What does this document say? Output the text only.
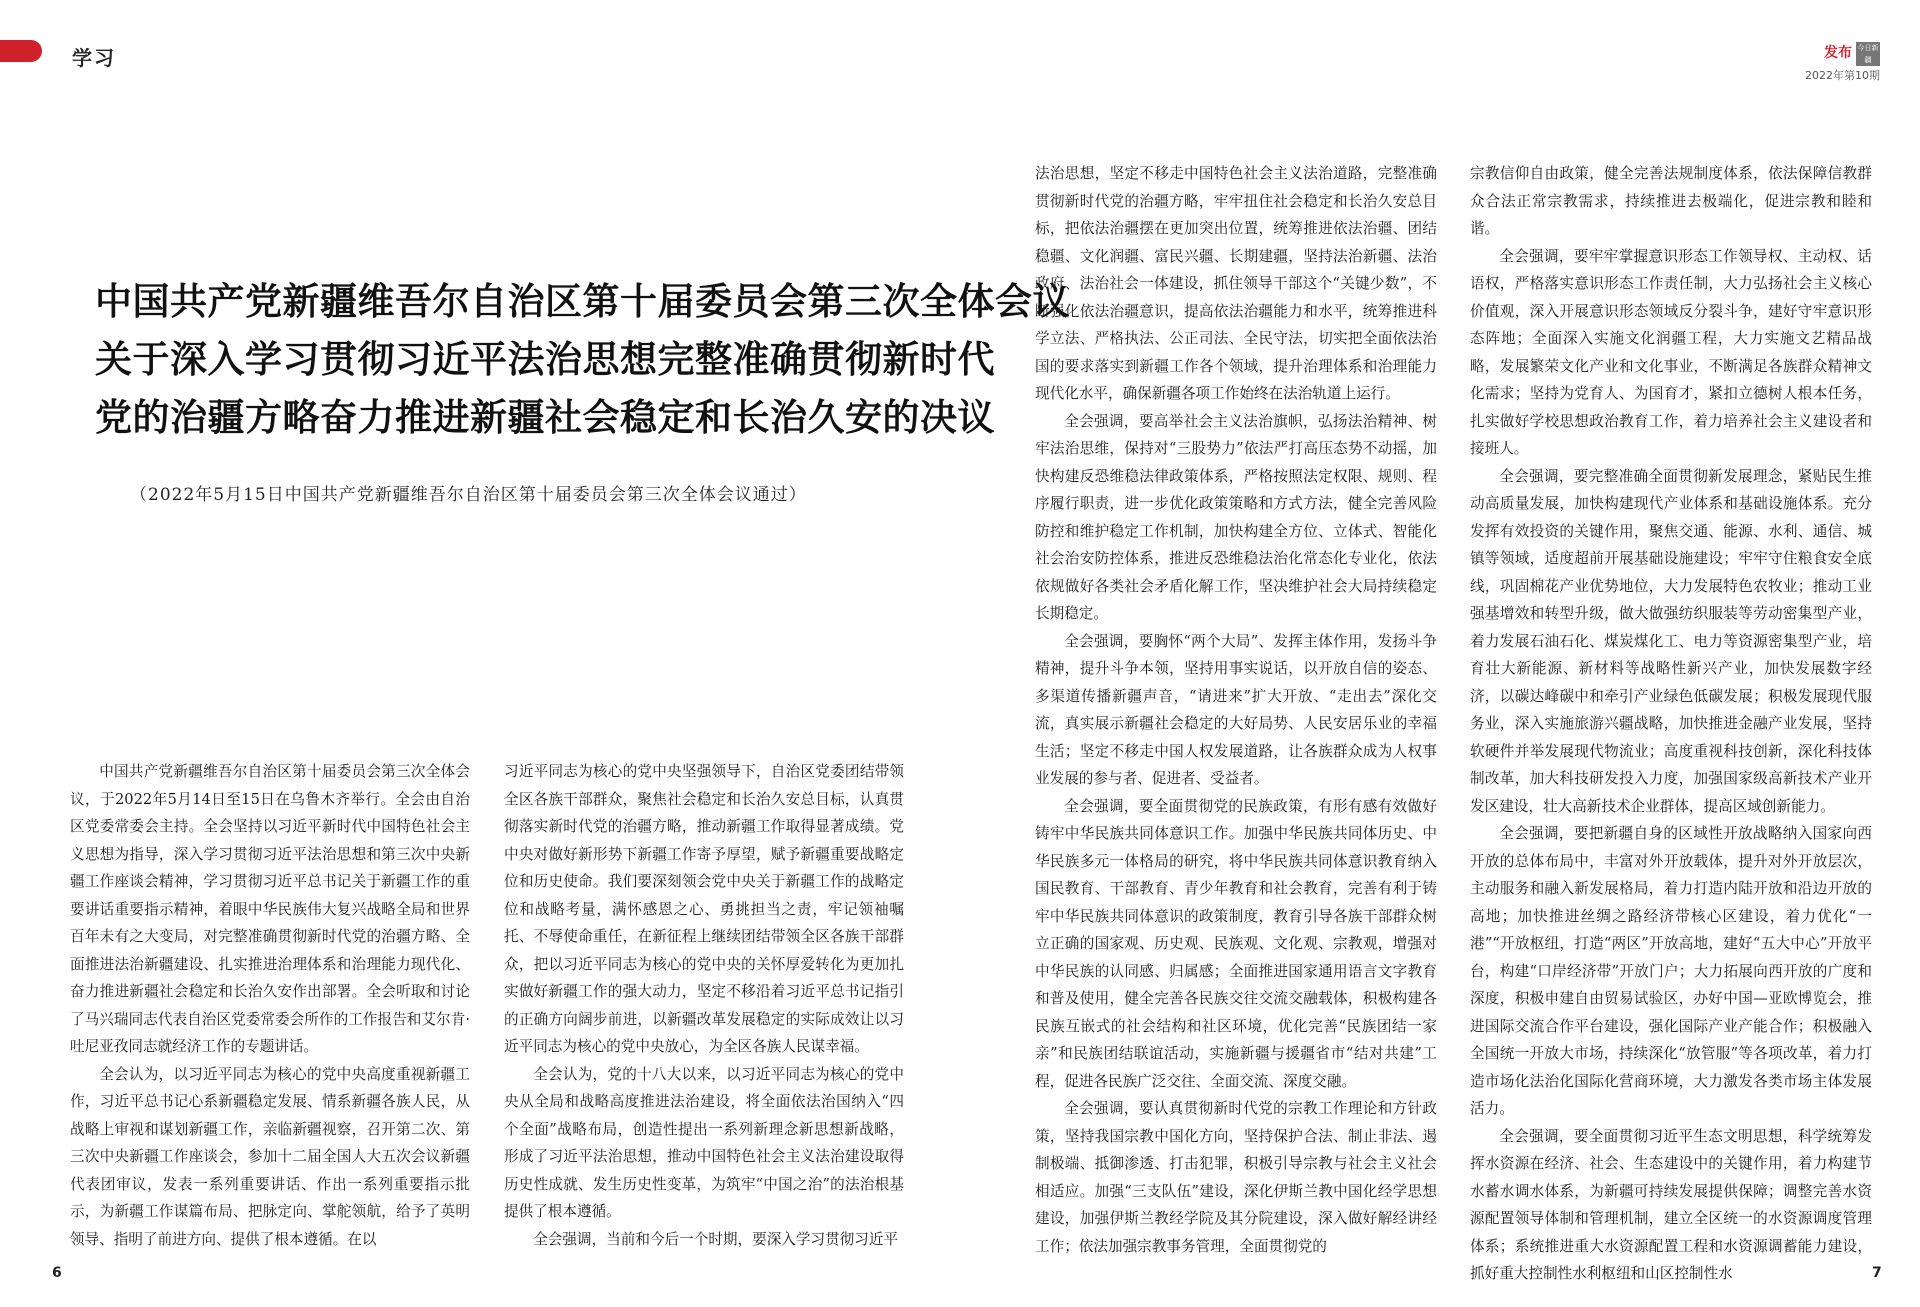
学习
中国共产党新疆维吾尔自治区第十届委员会第三次全体会议
关于深入学习贯彻习近平法治思想完整准确贯彻新时代
党的治疆方略奋力推进新疆社会稳定和长治久安的决议
（2022年5月15日中国共产党新疆维吾尔自治区第十届委员会第三次全体会议通过）

中国共产党新疆维吾尔自治区第十届委员会第三次全体会议，于2022年5月14日至15日在乌鲁木齐举行。全会由自治区党委常委会主持。全会坚持以习近平新时代中国特色社会主义思想为指导，深入学习贯彻习近平法治思想和第三次中央新疆工作座谈会精神，学习贯彻习近平总书记关于新疆工作的重要讲话重要指示精神，着眼中华民族伟大复兴战略全局和世界百年未有之大变局，对完整准确贯彻新时代党的治疆方略、全面推进法治新疆建设、扎实推进治理体系和治理能力现代化、奋力推进新疆社会稳定和长治久安作出部署。全会听取和讨论了马兴瑞同志代表自治区党委常委会所作的工作报告和艾尔肯·吐尼亚孜同志就经济工作的专题讲话。

全会认为，以习近平同志为核心的党中央高度重视新疆工作，习近平总书记心系新疆稳定发展、情系新疆各族人民，从战略上审视和谋划新疆工作，亲临新疆视察，召开第二次、第三次中央新疆工作座谈会，参加十二届全国人大五次会议新疆代表团审议，发表一系列重要讲话、作出一系列重要指示批示，为新疆工作谋篇布局、把脉定向、掌舵领航，给予了英明领导、指明了前进方向、提供了根本遵循。在以

习近平同志为核心的党中央坚强领导下，自治区党委团结带领全区各族干部群众，聚焦社会稳定和长治久安总目标，认真贯彻落实新时代党的治疆方略，推动新疆工作取得显著成绩。党中央对做好新形势下新疆工作寄予厚望，赋予新疆重要战略定位和历史使命。我们要深刻领会党中央关于新疆工作的战略定位和战略考量，满怀感恩之心、勇挑担当之责，牢记领袖嘱托、不辱使命重任，在新征程上继续团结带领全区各族干部群众，把以习近平同志为核心的党中央的关怀厚爱转化为更加扎实做好新疆工作的强大动力，坚定不移沿着习近平总书记指引的正确方向阔步前进，以新疆改革发展稳定的实际成效让以习近平同志为核心的党中央放心，为全区各族人民谋幸福。

全会认为，党的十八大以来，以习近平同志为核心的党中央从全局和战略高度推进法治建设，将全面依法治国纳入“四个全面”战略布局，创造性提出一系列新理念新思想新战略，形成了习近平法治思想，推动中国特色社会主义法治建设取得历史性成就、发生历史性变革，为筑牢“中国之治”的法治根基提供了根本遵循。

全会强调，当前和今后一个时期，要深入学习贯彻习近平

6
发布 今日新疆
2022年第10期

法治思想，坚定不移走中国特色社会主义法治道路，完整准确贯彻新时代党的治疆方略，牢牢扭住社会稳定和长治久安总目标，把依法治疆摆在更加突出位置，统筹推进依法治疆、团结稳疆、文化润疆、富民兴疆、长期建疆，坚持法治新疆、法治政府、法治社会一体建设，抓住领导干部这个“关键少数”，不断强化依法治疆意识，提高依法治疆能力和水平，统筹推进科学立法、严格执法、公正司法、全民守法，切实把全面依法治国的要求落实到新疆工作各个领域，提升治理体系和治理能力现代化水平，确保新疆各项工作始终在法治轨道上运行。

全会强调，要高举社会主义法治旗帜，弘扬法治精神、树牢法治思维，保持对“三股势力”依法严打高压态势不动摇，加快构建反恐维稳法律政策体系，严格按照法定权限、规则、程序履行职责，进一步优化政策策略和方式方法，健全完善风险防控和维护稳定工作机制，加快构建全方位、立体式、智能化社会治安防控体系，推进反恐维稳法治化常态化专业化，依法依规做好各类社会矛盾化解工作，坚决维护社会大局持续稳定长期稳定。

全会强调，要胸怀“两个大局”、发挥主体作用，发扬斗争精神，提升斗争本领，坚持用事实说话，以开放自信的姿态、多渠道传播新疆声音，“请进来”扩大开放、“走出去”深化交流，真实展示新疆社会稳定的大好局势、人民安居乐业的幸福生活；坚定不移走中国人权发展道路，让各族群众成为人权事业发展的参与者、促进者、受益者。

全会强调，要全面贯彻党的民族政策，有形有感有效做好铸牢中华民族共同体意识工作。加强中华民族共同体历史、中华民族多元一体格局的研究，将中华民族共同体意识教育纳入国民教育、干部教育、青少年教育和社会教育，完善有利于铸牢中华民族共同体意识的政策制度，教育引导各族干部群众树立正确的国家观、历史观、民族观、文化观、宗教观，增强对中华民族的认同感、归属感；全面推进国家通用语言文字教育和普及使用，健全完善各民族交往交流交融载体，积极构建各民族互嵌式的社会结构和社区环境，优化完善“民族团结一家亲”和民族团结联谊活动，实施新疆与援疆省市“结对共建”工程，促进各民族广泛交往、全面交流、深度交融。

全会强调，要认真贯彻新时代党的宗教工作理论和方针政策，坚持我国宗教中国化方向，坚持保护合法、制止非法、遏制极端、抵御渗透、打击犯罪，积极引导宗教与社会主义社会相适应。加强“三支队伍”建设，深化伊斯兰教中国化经学思想建设，加强伊斯兰教经学院及其分院建设，深入做好解经讲经工作；依法加强宗教事务管理，全面贯彻党的

宗教信仰自由政策，健全完善法规制度体系，依法保障信教群众合法正常宗教需求，持续推进去极端化，促进宗教和睦和谐。

全会强调，要牢牢掌握意识形态工作领导权、主动权、话语权，严格落实意识形态工作责任制，大力弘扬社会主义核心价值观，深入开展意识形态领域反分裂斗争，建好守牢意识形态阵地；全面深入实施文化润疆工程，大力实施文艺精品战略，发展繁荣文化产业和文化事业，不断满足各族群众精神文化需求；坚持为党育人、为国育才，紧扣立德树人根本任务，扎实做好学校思想政治教育工作，着力培养社会主义建设者和接班人。

全会强调，要完整准确全面贯彻新发展理念，紧贴民生推动高质量发展，加快构建现代产业体系和基础设施体系。充分发挥有效投资的关键作用，聚焦交通、能源、水利、通信、城镇等领域，适度超前开展基础设施建设；牢牢守住粮食安全底线，巩固棉花产业优势地位，大力发展特色农牧业；推动工业强基增效和转型升级，做大做强纺织服装等劳动密集型产业，着力发展石油石化、煤炭煤化工、电力等资源密集型产业，培育壮大新能源、新材料等战略性新兴产业，加快发展数字经济，以碳达峰碳中和牵引产业绿色低碳发展；积极发展现代服务业，深入实施旅游兴疆战略，加快推进金融产业发展，坚持软硬件并举发展现代物流业；高度重视科技创新，深化科技体制改革，加大科技研发投入力度，加强国家级高新技术产业开发区建设，壮大高新技术企业群体，提高区域创新能力。

全会强调，要把新疆自身的区域性开放战略纳入国家向西开放的总体布局中，丰富对外开放载体，提升对外开放层次，主动服务和融入新发展格局，着力打造内陆开放和沿边开放的高地；加快推进丝绸之路经济带核心区建设，着力优化“一港”“开放枢纽，打造“两区”开放高地，建好“五大中心”开放平台，构建“口岸经济带”开放门户；大力拓展向西开放的广度和深度，积极申建自由贸易试验区，办好中国—亚欧博览会，推进国际交流合作平台建设，强化国际产业产能合作；积极融入全国统一开放大市场，持续深化“放管服”等各项改革，着力打造市场化法治化国际化营商环境，大力激发各类市场主体发展活力。

全会强调，要全面贯彻习近平生态文明思想，科学统筹发挥水资源在经济、社会、生态建设中的关键作用，着力构建节水蓄水调水体系，为新疆可持续发展提供保障；调整完善水资源配置领导体制和管理机制，建立全区统一的水资源调度管理体系；系统推进重大水资源配置工程和水资源调蓄能力建设，抓好重大控制性水利枢纽和山区控制性水	7
